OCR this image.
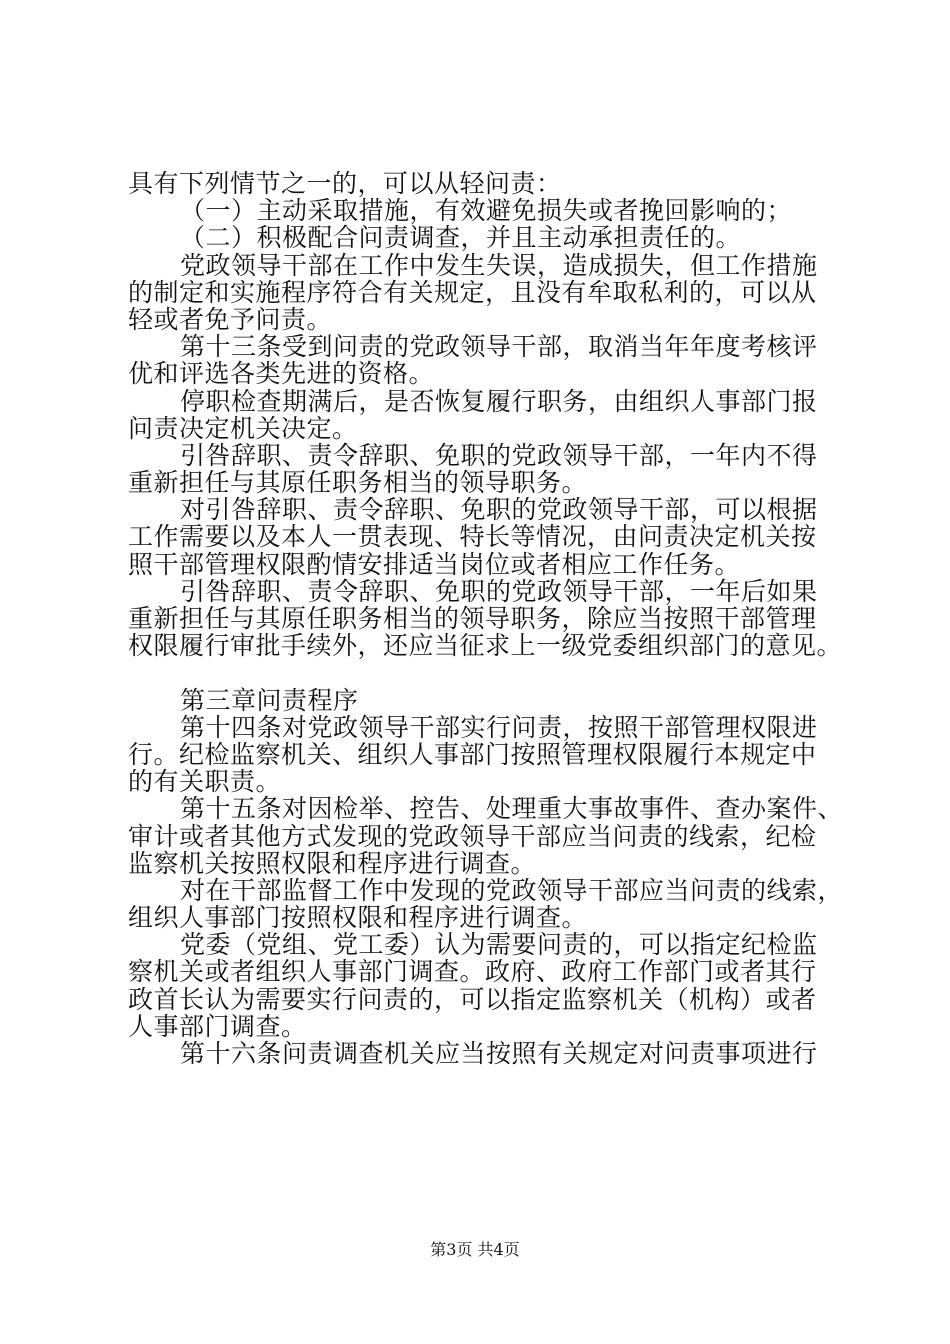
具有下列情节之一的，可以从轻问责：
（一）主动采取措施，有效避免损失或者挽回影响的；
（二）积极配合问责调查，并且主动承担责任的。
党政领导干部在工作中发生失误，造成损失，但工作措施
的制定和实施程序符合有关规定，且没有牟取私利的，可以从
轻或者免予问责。
第十三条受到问责的党政领导干部，取消当年年度考核评
优和评选各类先进的资格。
停职检查期满后，是否恢复履行职务，由组织人事部门报
问责决定机关决定。
引咎辞职、责令辞职、免职的党政领导干部，一年内不得
重新担任与其原任职务相当的领导职务。
对引咎辞职、责令辞职、免职的党政领导干部，可以根据
工作需要以及本人一贯表现、特长等情况，由问责决定机关按
照干部管理权限酌情安排适当岗位或者相应工作任务。
引咎辞职、责令辞职、免职的党政领导干部，一年后如果
重新担任与其原任职务相当的领导职务，除应当按照干部管理
权限履行审批手续外，还应当征求上一级党委组织部门的意见。
第三章问责程序
第十四条对党政领导干部实行问责，按照干部管理权限进
行。纪检监察机关、组织人事部门按照管理权限履行本规定中
的有关职责。
第十五条对因检举、控告、处理重大事故事件、查办案件、
审计或者其他方式发现的党政领导干部应当问责的线索，纪检
监察机关按照权限和程序进行调查。
对在干部监督工作中发现的党政领导干部应当问责的线索，
组织人事部门按照权限和程序进行调查。
党委（党组、党工委）认为需要问责的，可以指定纪检监
察机关或者组织人事部门调查。政府、政府工作部门或者其行
政首长认为需要实行问责的，可以指定监察机关（机构）或者
人事部门调查。
第十六条问责调查机关应当按照有关规定对问责事项进行
第3页 共4页
